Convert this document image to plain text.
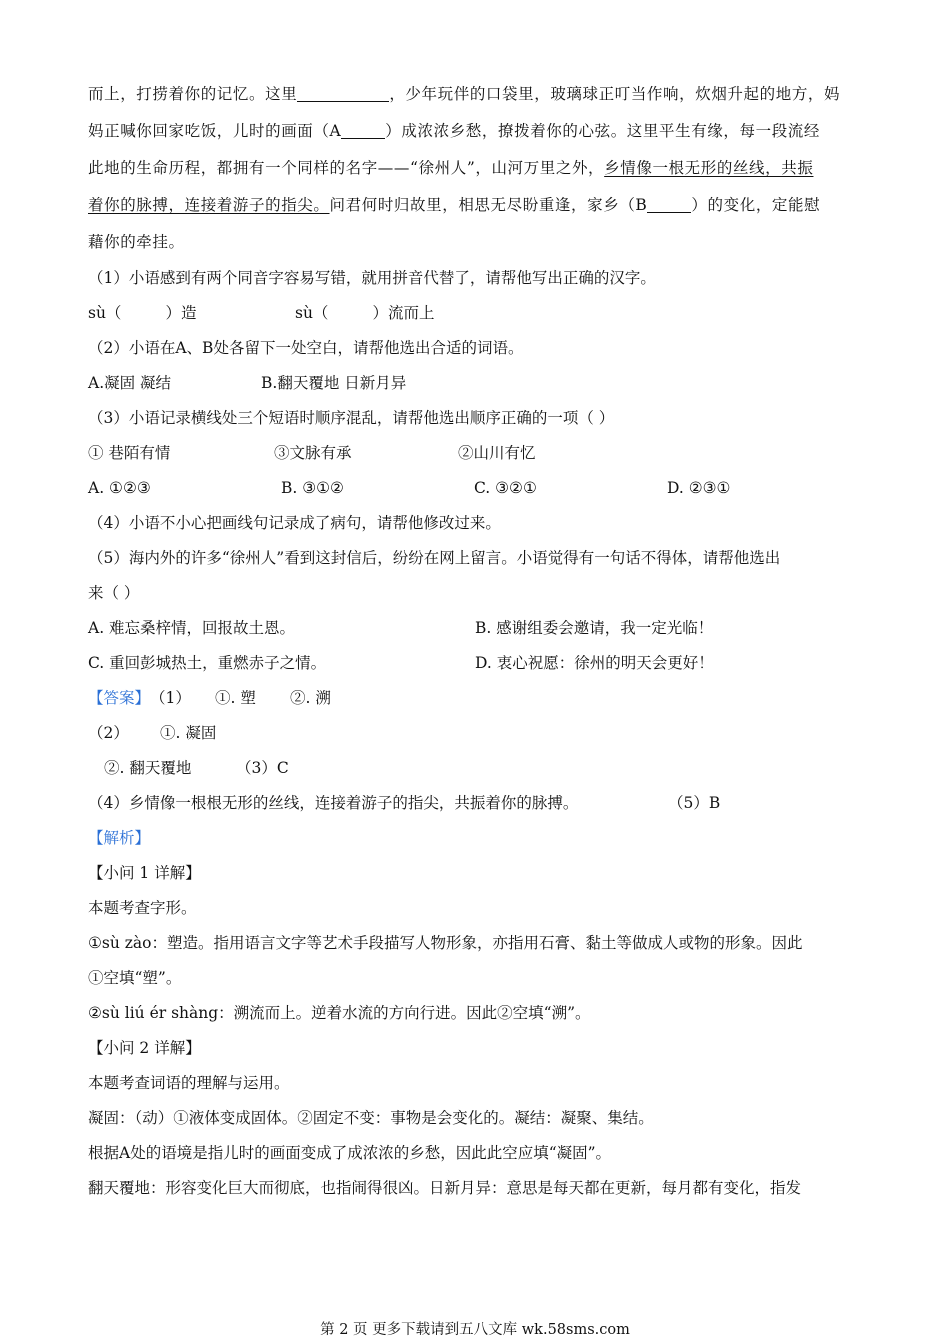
而上，打捞着你的记忆。这里	，少年玩伴的口袋里，玻璃球正叮当作响，炊烟升起的地方，妈
妈正喊你回家吃饭，儿时的画面（A	）成浓浓乡愁，撩拨着你的心弦。这里平生有缘，每一段流经
此地的生命历程，都拥有一个同样的名字——“徐州人”，山河万里之外，乡情像一根无形的丝线，共振
着你的脉搏，连接着游子的指尖。问君何时归故里，相思无尽盼重逢，家乡（B	）的变化，定能慰
藉你的牵挂。
（1）小语感到有两个同音字容易写错，就用拼音代替了，请帮他写出正确的汉字。
sù（	）造	sù（	）流而上
（2）小语在A、B处各留下一处空白，请帮他选出合适的词语。
A.凝固 凝结	B.翻天覆地 日新月异
（3）小语记录横线处三个短语时顺序混乱，请帮他选出顺序正确的一项（ ）
① 巷陌有情	③文脉有承	②山川有忆
A. ①②③	B. ③①②	C. ③②①	D. ②③①
（4）小语不小心把画线句记录成了病句，请帮他修改过来。
（5）海内外的许多“徐州人”看到这封信后，纷纷在网上留言。小语觉得有一句话不得体，请帮他选出
来（ ）
A. 难忘桑梓情，回报故土恩。	B. 感谢组委会邀请，我一定光临！
C. 重回彭城热土，重燃赤子之情。	D. 衷心祝愿：徐州的明天会更好！
【答案】 （1）	①. 塑	②. 溯
（2）	①. 凝固
②. 翻天覆地	（3）C
（4）乡情像一根根无形的丝线，连接着游子的指尖，共振着你的脉搏。	（5）B
【解析】
【小问 1 详解】
本题考查字形。
①sù zào：塑造。指用语言文字等艺术手段描写人物形象，亦指用石膏、黏土等做成人或物的形象。因此
①空填“塑”。
②sù liú ér shàng：溯流而上。逆着水流的方向行进。因此②空填“溯”。
【小问 2 详解】
本题考查词语的理解与运用。
凝固：（动）①液体变成固体。②固定不变：事物是会变化的。凝结：凝聚、集结。
根据A处的语境是指儿时的画面变成了成浓浓的乡愁，因此此空应填“凝固”。
翻天覆地：形容变化巨大而彻底，也指闹得很凶。日新月异：意思是每天都在更新，每月都有变化，指发
第 2 页 更多下载请到五八文库 wk.58sms.com
